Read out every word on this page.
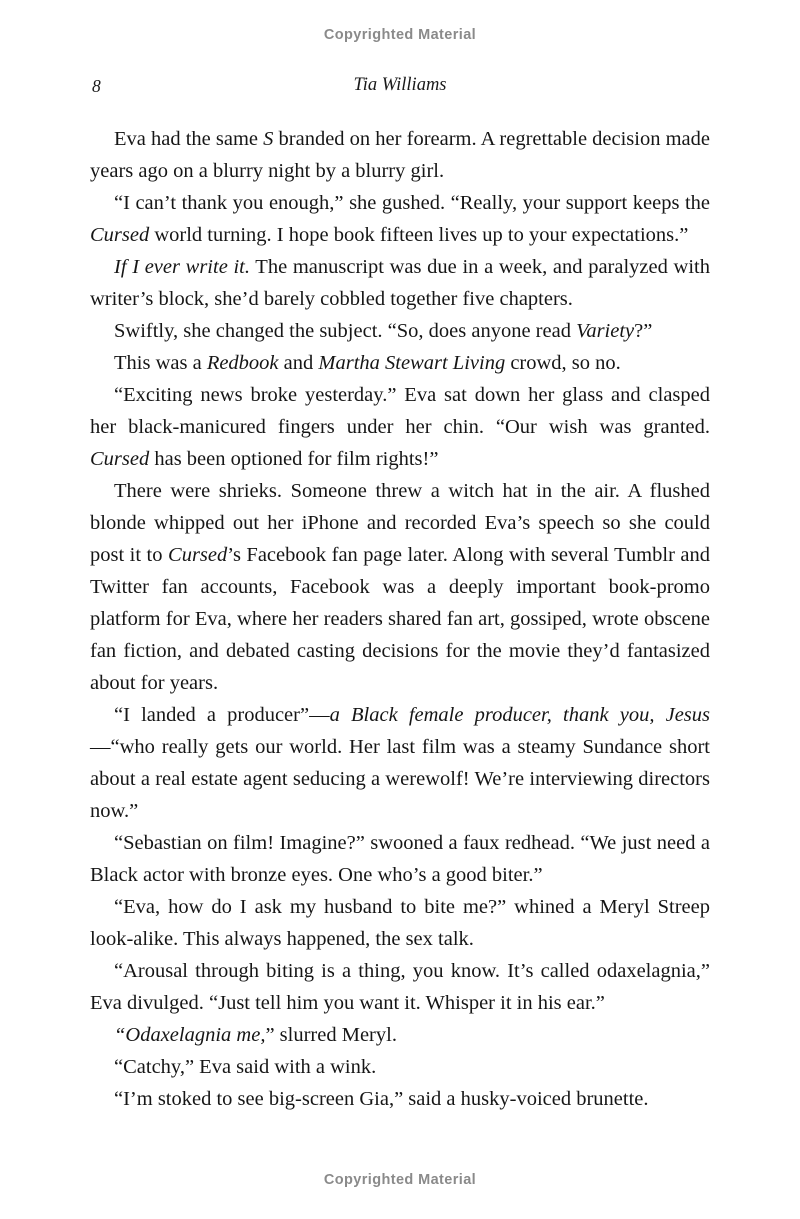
Copyrighted Material
8	Tia Williams

Eva had the same S branded on her forearm. A regrettable decision made years ago on a blurry night by a blurry girl.

“I can’t thank you enough,” she gushed. “Really, your support keeps the Cursed world turning. I hope book fifteen lives up to your expectations.”

If I ever write it. The manuscript was due in a week, and paralyzed with writer’s block, she’d barely cobbled together five chapters.

Swiftly, she changed the subject. “So, does anyone read Variety?”

This was a Redbook and Martha Stewart Living crowd, so no.

“Exciting news broke yesterday.” Eva sat down her glass and clasped her black-manicured fingers under her chin. “Our wish was granted. Cursed has been optioned for film rights!”

There were shrieks. Someone threw a witch hat in the air. A flushed blonde whipped out her iPhone and recorded Eva’s speech so she could post it to Cursed’s Facebook fan page later. Along with several Tumblr and Twitter fan accounts, Facebook was a deeply important book-promo platform for Eva, where her readers shared fan art, gossiped, wrote obscene fan fiction, and debated casting decisions for the movie they’d fantasized about for years.

“I landed a producer”—a Black female producer, thank you, Jesus—“who really gets our world. Her last film was a steamy Sundance short about a real estate agent seducing a werewolf! We’re interviewing directors now.”

“Sebastian on film! Imagine?” swooned a faux redhead. “We just need a Black actor with bronze eyes. One who’s a good biter.”

“Eva, how do I ask my husband to bite me?” whined a Meryl Streep look-alike. This always happened, the sex talk.

“Arousal through biting is a thing, you know. It’s called odaxelagnia,” Eva divulged. “Just tell him you want it. Whisper it in his ear.”

“Odaxelagnia me,” slurred Meryl.

“Catchy,” Eva said with a wink.

“I’m stoked to see big-screen Gia,” said a husky-voiced brunette.

Copyrighted Material
